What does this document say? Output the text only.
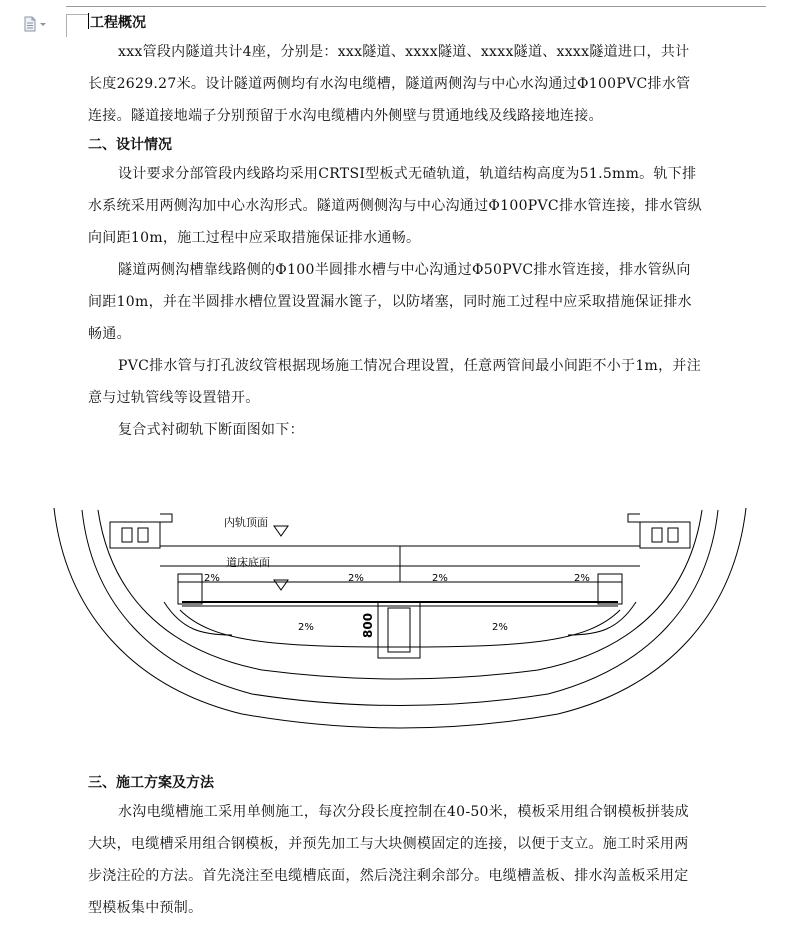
工程概况

xxx管段内隧道共计4座，分别是：xxx隧道、xxxx隧道、xxxx隧道、xxxx隧道进口，共计长度2629.27米。设计隧道两侧均有水沟电缆槽，隧道两侧沟与中心水沟通过Φ100PVC排水管连接。隧道接地端子分别预留于水沟电缆槽内外侧壁与贯通地线及线路接地连接。

二、设计情况

设计要求分部管段内线路均采用CRTSⅠ型板式无碴轨道，轨道结构高度为51.5mm。轨下排水系统采用两侧沟加中心水沟形式。隧道两侧侧沟与中心沟通过Φ100PVC排水管连接，排水管纵向间距10m，施工过程中应采取措施保证排水通畅。

隧道两侧沟槽靠线路侧的Φ100半圆排水槽与中心沟通过Φ50PVC排水管连接，排水管纵向间距10m，并在半圆排水槽位置设置漏水篦子，以防堵塞，同时施工过程中应采取措施保证排水畅通。

PVC排水管与打孔波纹管根据现场施工情况合理设置，任意两管间最小间距不小于1m，并注意与过轨管线等设置错开。

复合式衬砌轨下断面图如下：

内轨顶面
道床底面
2%	2%	2%	2%
2%	2%
800
三、施工方案及方法

水沟电缆槽施工采用单侧施工，每次分段长度控制在40-50米，模板采用组合钢模板拼装成大块，电缆槽采用组合钢模板，并预先加工与大块侧模固定的连接，以便于支立。施工时采用两步浇注砼的方法。首先浇注至电缆槽底面，然后浇注剩余部分。电缆槽盖板、排水沟盖板采用定型模板集中预制。
